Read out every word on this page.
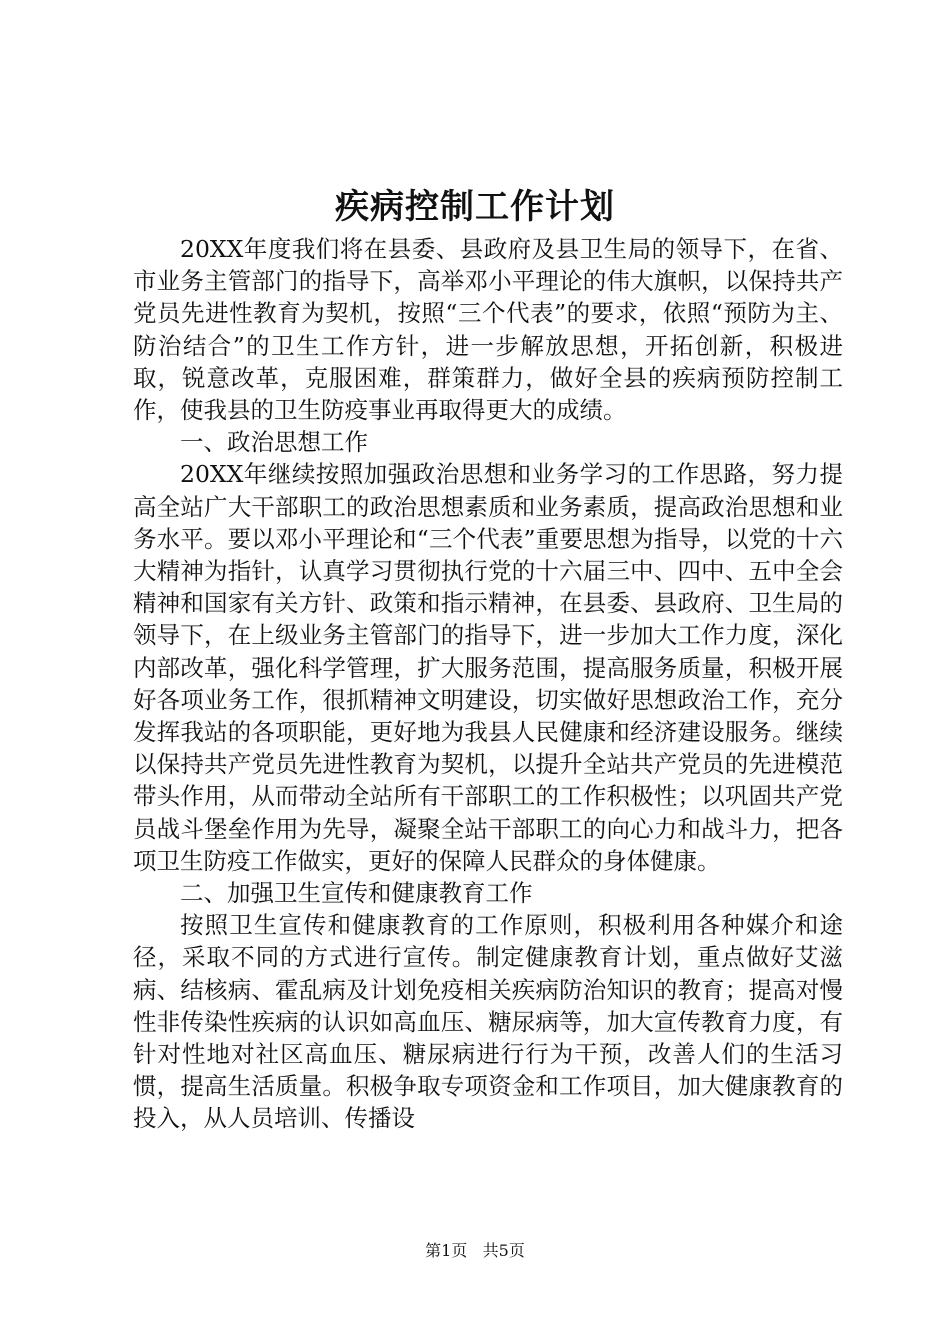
疾病控制工作计划

20XX年度我们将在县委、县政府及县卫生局的领导下，在省、市业务主管部门的指导下，高举邓小平理论的伟大旗帜，以保持共产党员先进性教育为契机，按照“三个代表”的要求，依照“预防为主、防治结合”的卫生工作方针，进一步解放思想，开拓创新，积极进取，锐意改革，克服困难，群策群力，做好全县的疾病预防控制工作，使我县的卫生防疫事业再取得更大的成绩。

一、政治思想工作

20XX年继续按照加强政治思想和业务学习的工作思路，努力提高全站广大干部职工的政治思想素质和业务素质，提高政治思想和业务水平。要以邓小平理论和“三个代表”重要思想为指导，以党的十六大精神为指针，认真学习贯彻执行党的十六届三中、四中、五中全会精神和国家有关方针、政策和指示精神，在县委、县政府、卫生局的领导下，在上级业务主管部门的指导下，进一步加大工作力度，深化内部改革，强化科学管理，扩大服务范围，提高服务质量，积极开展好各项业务工作，很抓精神文明建设，切实做好思想政治工作，充分发挥我站的各项职能，更好地为我县人民健康和经济建设服务。继续以保持共产党员先进性教育为契机，以提升全站共产党员的先进模范带头作用，从而带动全站所有干部职工的工作积极性；以巩固共产党员战斗堡垒作用为先导，凝聚全站干部职工的向心力和战斗力，把各项卫生防疫工作做实，更好的保障人民群众的身体健康。

二、加强卫生宣传和健康教育工作

按照卫生宣传和健康教育的工作原则，积极利用各种媒介和途径，采取不同的方式进行宣传。制定健康教育计划，重点做好艾滋病、结核病、霍乱病及计划免疫相关疾病防治知识的教育；提高对慢性非传染性疾病的认识如高血压、糖尿病等，加大宣传教育力度，有针对性地对社区高血压、糖尿病进行行为干预，改善人们的生活习惯，提高生活质量。积极争取专项资金和工作项目，加大健康教育的投入，从人员培训、传播设

第1页 共5页
